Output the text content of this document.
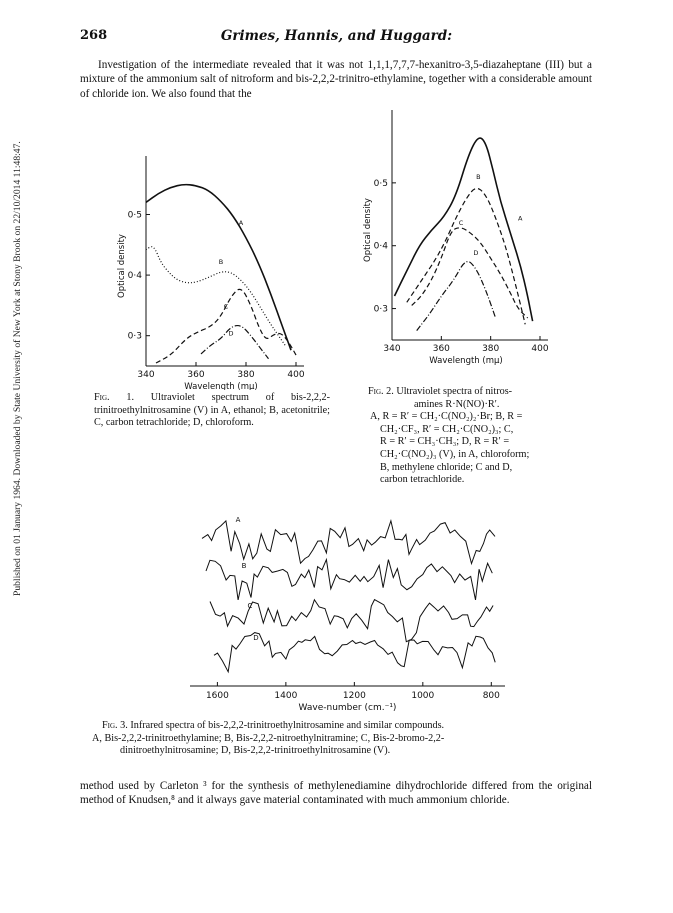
Published on 01 January 1964. Downloaded by State University of New York at Stony Brook on 22/10/2014 11:48:47.
268	Grimes, Hannis, and Huggard:
Investigation of the intermediate revealed that it was not 1,1,1,7,7,7-hexanitro-3,5-diazaheptane (III) but a mixture of the ammonium salt of nitroform and bis-2,2,2-trinitro-ethylamine, together with a considerable amount of chloride ion. We also found that the
340	360	380	400
0·3
0·4
0·5
Wavelength (mμ)
Optical density
A
B
C
D
340	360	380	400
0·3
0·4
0·5
Wavelength (mμ)
Optical density	A
B
C
D
Fig. 1. Ultraviolet spectrum of bis-2,2,2-trinitroethylnitrosamine (V) in A, ethanol; B, acetonitrile; C, carbon tetrachloride; D, chloroform.
Fig. 2. Ultraviolet spectra of nitros-
amines R·N(NO)·R′.
A, R = R′ = CH₂·C(NO₂)₂·Br; B, R =
CH₂·CF₃, R′ = CH₂·C(NO₂)₃; C,
R = R′ = CH₃·CH₃; D, R = R′ =
CH₂·C(NO₂)₃ (V), in A, chloroform;
B, methylene chloride; C and D,
carbon tetrachloride.
1600	1400	1200	1000	800
Wave-number (cm.⁻¹)
A
B
C
D
Fig. 3. Infrared spectra of bis-2,2,2-trinitroethylnitrosamine and similar compounds.
A, Bis-2,2,2-trinitroethylamine; B, Bis-2,2,2-nitroethylnitramine; C, Bis-2-bromo-2,2-
dinitroethylnitrosamine; D, Bis-2,2,2-trinitroethylnitrosamine (V).
method used by Carleton ³ for the synthesis of methylenediamine dihydrochloride differed from the original method of Knudsen,⁸ and it always gave material contaminated with much ammonium chloride.
